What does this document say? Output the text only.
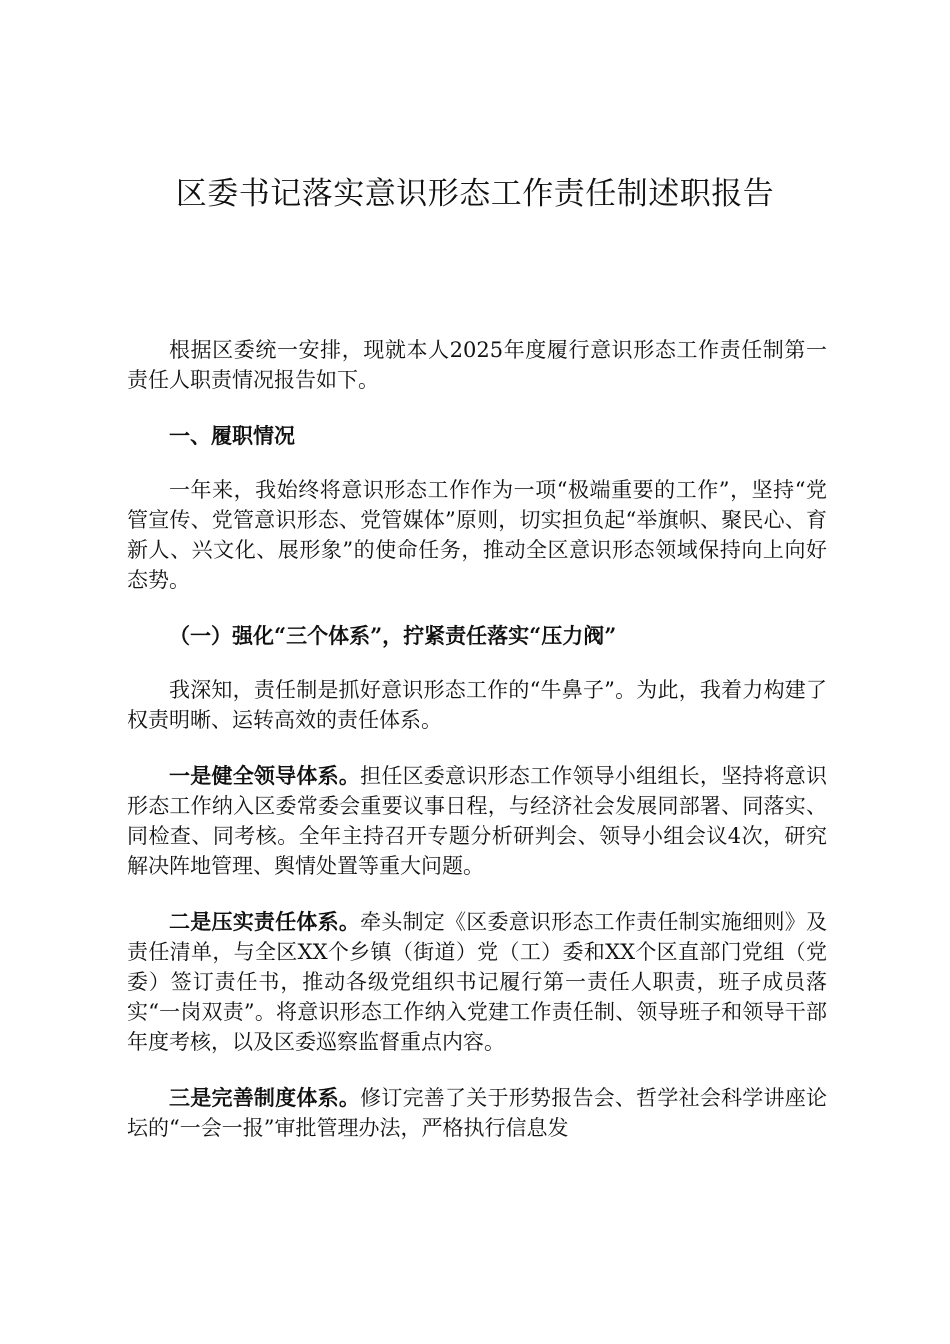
区委书记落实意识形态工作责任制述职报告

根据区委统一安排，现就本人2025年度履行意识形态工作责任制第一责任人职责情况报告如下。

一、履职情况

一年来，我始终将意识形态工作作为一项“极端重要的工作”，坚持“党管宣传、党管意识形态、党管媒体”原则，切实担负起“举旗帜、聚民心、育新人、兴文化、展形象”的使命任务，推动全区意识形态领域保持向上向好态势。

（一）强化“三个体系”，拧紧责任落实“压力阀”

我深知，责任制是抓好意识形态工作的“牛鼻子”。为此，我着力构建了权责明晰、运转高效的责任体系。

一是健全领导体系。担任区委意识形态工作领导小组组长，坚持将意识形态工作纳入区委常委会重要议事日程，与经济社会发展同部署、同落实、同检查、同考核。全年主持召开专题分析研判会、领导小组会议4次，研究解决阵地管理、舆情处置等重大问题。

二是压实责任体系。牵头制定《区委意识形态工作责任制实施细则》及责任清单，与全区XX个乡镇（街道）党（工）委和XX个区直部门党组（党委）签订责任书，推动各级党组织书记履行第一责任人职责，班子成员落实“一岗双责”。将意识形态工作纳入党建工作责任制、领导班子和领导干部年度考核，以及区委巡察监督重点内容。

三是完善制度体系。修订完善了关于形势报告会、哲学社会科学讲座论坛的“一会一报”审批管理办法，严格执行信息发
